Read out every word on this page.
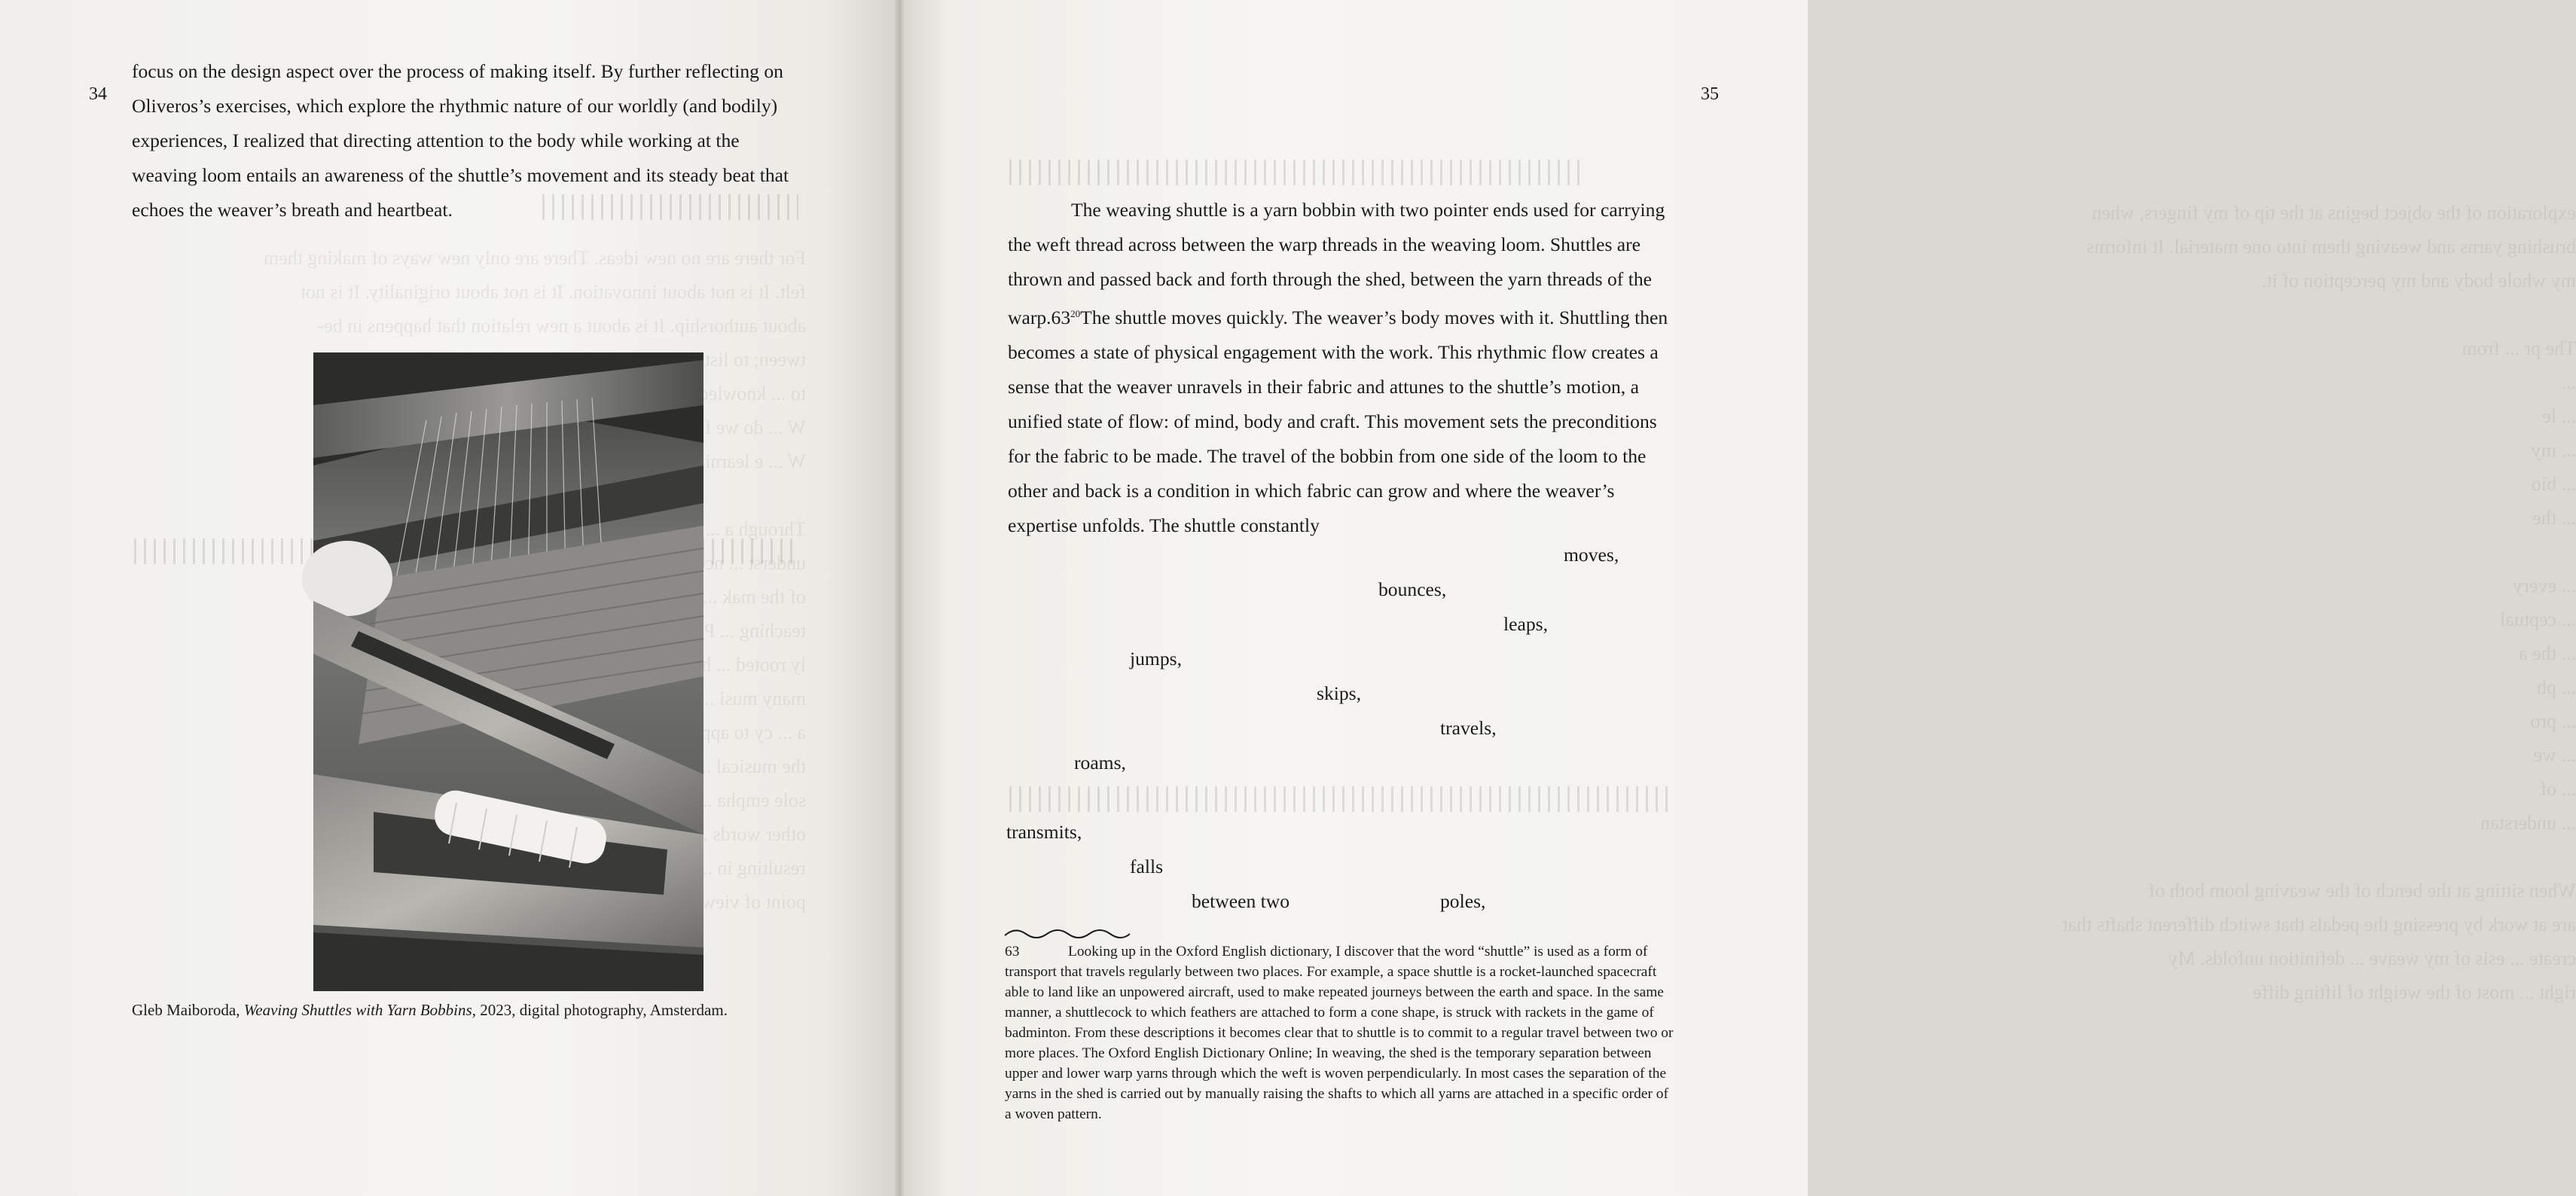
For there are no new ideas. There are only new ways of making them
felt. It is not about innovation. It is not about originality. It is not
about authorship. It is about a new relation that happens in be-
tween; to listen,
to ... knowledge
W ... do we
W ... e learning?

Through a ...
underst ... nce
of the mak ...
teaching ...
ly rooted ...
many musi ...
a ... cy to apply
the musical ...
sole empha ...
other words
resulting in ...
point of view
34
focus on the design aspect over the process of making itself. By further reflecting on Oliveros’s exercises, which explore the rhythmic nature of our worldly (and bodily) experiences, I realized that directing attention to the body while working at the weaving loom entails an awareness of the shuttle’s movement and its steady beat that echoes the weaver’s breath and heartbeat.
Gleb Maiboroda, Weaving Shuttles with Yarn Bobbins, 2023, digital photography, Amsterdam.
exploration of the object begins at the tip of my fingers, when
brushing yarns and weaving them into one material. It informs
my whole body and my perception of it.

The pr ... from
...
... le
... my
... bio
... the

... every
... ceptual
... the a
... ph
... pro
... we
... of
... understan

When sitting at the bench of the weaving loom both of
are at work by pressing the pedals that switch different shafts that
create ... esis of my weave ... definition unfolds. My
right ... most of the weight of lifting diffe
35
The weaving shuttle is a yarn bobbin with two pointer ends used for carrying the weft thread across between the warp threads in the weaving loom. Shuttles are thrown and passed back and forth through the shed, between the yarn threads of the $warp.63^{20}The$ shuttle moves quickly. The weaver’s body moves with it. Shuttling then becomes a state of physical engagement with the work. This rhythmic flow creates a sense that the weaver unravels in their fabric and attunes to the shuttle’s motion, a unified state of flow: of mind, body and craft. This movement sets the preconditions for the fabric to be made. The travel of the bobbin from one side of the loom to the other and back is a condition in which fabric can grow and where the weaver’s expertise unfolds. The shuttle constantly
moves,
bounces,
leaps,
jumps,
skips,
travels,
roams,
transmits,
falls
between two	poles,
63	Looking up in the Oxford English dictionary, I discover that the word “shuttle” is used as a form of transport that travels regularly between two places. For example, a space shuttle is a rocket-launched spacecraft able to land like an unpowered aircraft, used to make repeated journeys between the earth and space. In the same manner, a shuttlecock to which feathers are attached to form a cone shape, is struck with rackets in the game of badminton. From these descriptions it becomes clear that to shuttle is to commit to a regular travel between two or more places. The Oxford English Dictionary Online; In weaving, the shed is the temporary separation between upper and lower warp yarns through which the weft is woven perpendicularly. In most cases the separation of the yarns in the shed is carried out by manually raising the shafts to which all yarns are attached in a specific order of a woven pattern.
